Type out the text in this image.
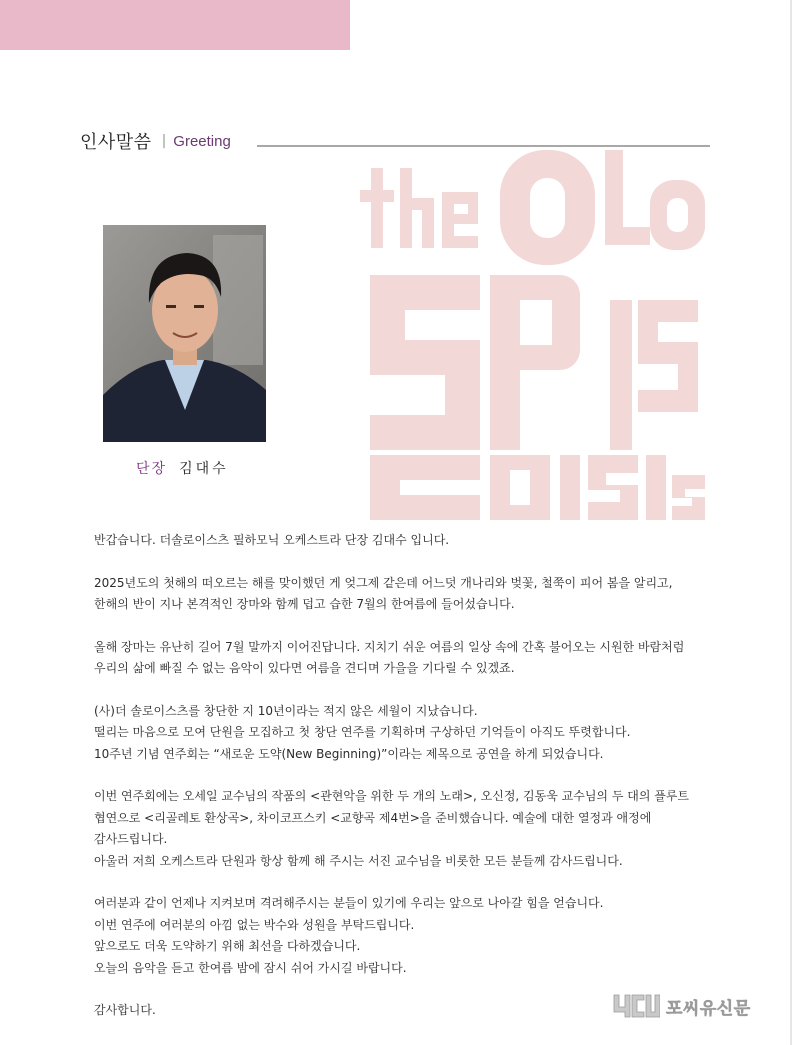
인사말씀 | Greeting
단장 김대수

반갑습니다. 더솔로이스츠 필하모닉 오케스트라 단장 김대수 입니다.

2025년도의 첫해의 떠오르는 해를 맞이했던 게 엊그제 같은데 어느덧 개나리와 벚꽃, 철쭉이 피어 봄을 알리고,
한해의 반이 지나 본격적인 장마와 함께 덥고 습한 7월의 한여름에 들어섰습니다.

올해 장마는 유난히 길어 7월 말까지 이어진답니다. 지치기 쉬운 여름의 일상 속에 간혹 불어오는 시원한 바람처럼
우리의 삶에 빠질 수 없는 음악이 있다면 여름을 견디며 가을을 기다릴 수 있겠죠.

(사)더 솔로이스츠를 창단한 지 10년이라는 적지 않은 세월이 지났습니다.
떨리는 마음으로 모여 단원을 모집하고 첫 창단 연주를 기획하며 구상하던 기억들이 아직도 뚜렷합니다.
10주년 기념 연주회는 “새로운 도약(New Beginning)”이라는 제목으로 공연을 하게 되었습니다.

이번 연주회에는 오세일 교수님의 작품의 <관현악을 위한 두 개의 노래>, 오신정, 김동욱 교수님의 두 대의 플루트
협연으로 <리골레토 환상곡>, 차이코프스키 <교향곡 제4번>을 준비했습니다. 예술에 대한 열정과 애정에
감사드립니다.
아울러 저희 오케스트라 단원과 항상 함께 해 주시는 서진 교수님을 비롯한 모든 분들께 감사드립니다.

여러분과 같이 언제나 지켜보며 격려해주시는 분들이 있기에 우리는 앞으로 나아갈 힘을 얻습니다.
이번 연주에 여러분의 아낌 없는 박수와 성원을 부탁드립니다.
앞으로도 더욱 도약하기 위해 최선을 다하겠습니다.
오늘의 음악을 듣고 한여름 밤에 잠시 쉬어 가시길 바랍니다.

감사합니다.	포씨유신문
